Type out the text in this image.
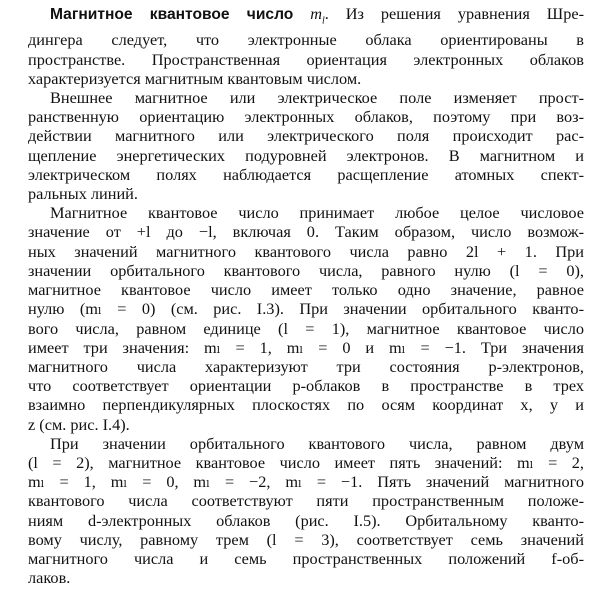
Магнитное квантовое число $m_l$. Из решения уравнения Шре-
дингера следует, что электронные облака ориентированы в
пространстве. Пространственная ориентация электронных облаков
характеризуется магнитным квантовым числом.

Внешнее магнитное или электрическое поле изменяет прост-
ранственную ориентацию электронных облаков, поэтому при воз-
действии магнитного или электрического поля происходит рас-
щепление энергетических подуровней электронов. В магнитном и
электрическом полях наблюдается расщепление атомных спект-
ральных линий.

Магнитное квантовое число принимает любое целое числовое
значение от +l до −l, включая 0. Таким образом, число возмож-
ных значений магнитного квантового числа равно 2l + 1. При
значении орбитального квантового числа, равного нулю (l = 0),
магнитное квантовое число имеет только одно значение, равное
нулю (mₗ = 0) (см. рис. I.3). При значении орбитального кванто-
вого числа, равном единице (l = 1), магнитное квантовое число
имеет три значения: mₗ = 1, mₗ = 0 и mₗ = −1. Три значения
магнитного числа характеризуют три состояния p-электронов,
что соответствует ориентации p-облаков в пространстве в трех
взаимно перпендикулярных плоскостях по осям координат x, y и
z (см. рис. I.4).

При значении орбитального квантового числа, равном двум
(l = 2), магнитное квантовое число имеет пять значений: mₗ = 2,
mₗ = 1, mₗ = 0, mₗ = −2, mₗ = −1. Пять значений магнитного
квантового числа соответствуют пяти пространственным положе-
ниям d-электронных облаков (рис. I.5). Орбитальному кванто-
вому числу, равному трем (l = 3), соответствует семь значений
магнитного числа и семь пространственных положений f-об-
лаков.
